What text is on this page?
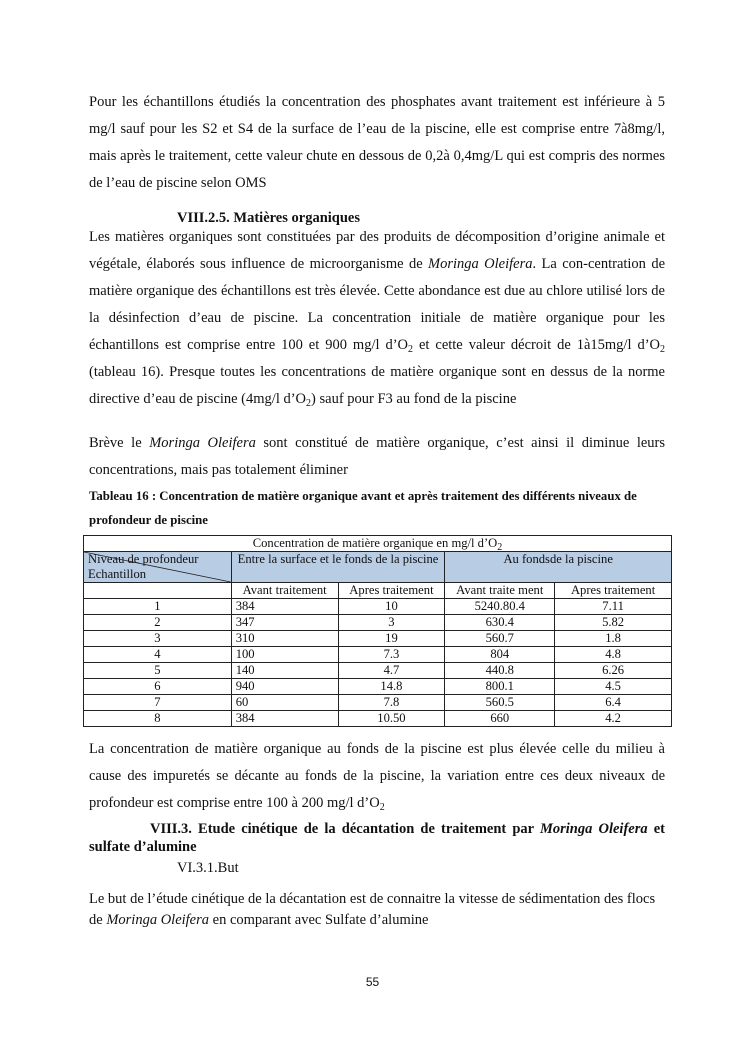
Pour les échantillons étudiés la concentration des phosphates avant traitement est inférieure à 5 mg/l sauf pour les S2 et S4 de la surface de l’eau de la piscine, elle est comprise entre 7à8mg/l, mais après le traitement, cette valeur chute en dessous de 0,2à 0,4mg/L qui est compris des normes de l’eau de piscine selon OMS

VIII.2.5. Matières organiques

Les matières organiques sont constituées par des produits de décomposition d’origine animale et végétale, élaborés sous influence de microorganisme de Moringa Oleifera. La con-centration de matière organique des échantillons est très élevée. Cette abondance est due au chlore utilisé lors de la désinfection d’eau de piscine. La concentration initiale de matière organique pour les échantillons est comprise entre 100 et 900 mg/l $d’O_2$ et cette valeur décroit de 1à15mg/l $d’O_2$ (tableau 16). Presque toutes les concentrations de matière organique sont en dessus de la norme directive d’eau de piscine (4mg/l $d’O_2$) sauf pour F3 au fond de la piscine

Brève le Moringa Oleifera sont constitué de matière organique, c’est ainsi il diminue leurs concentrations, mais pas totalement éliminer

Tableau 16 : Concentration de matière organique avant et après traitement des différents niveaux de profondeur de piscine

Concentration de matière organique en mg/l $d’O_2$

Niveau de profondeur
Echantillon	Entre la surface et le fonds de la piscine		Au fondsde la piscine	
	Avant traitement	Apres traitement	Avant traite ment	Apres traitement
1	384	10	5240.80.4	7.11
2	347	3	630.4	5.82
3	310	19	560.7	1.8
4	100	7.3	804	4.8
5	140	4.7	440.8	6.26
6	940	14.8	800.1	4.5
7	60	7.8	560.5	6.4
8	384	10.50	660	4.2

La concentration de matière organique au fonds de la piscine est plus élevée celle du milieu à cause des impuretés se décante au fonds de la piscine, la variation entre ces deux niveaux de profondeur est comprise entre 100 à 200 mg/l $d’O_2$

VIII.3. Etude cinétique de la décantation de traitement par Moringa Oleifera et sulfate d’alumine
VI.3.1.But

Le but de l’étude cinétique de la décantation est de connaitre la vitesse de sédimentation des flocs de Moringa Oleifera en comparant avec Sulfate d’alumine

55
